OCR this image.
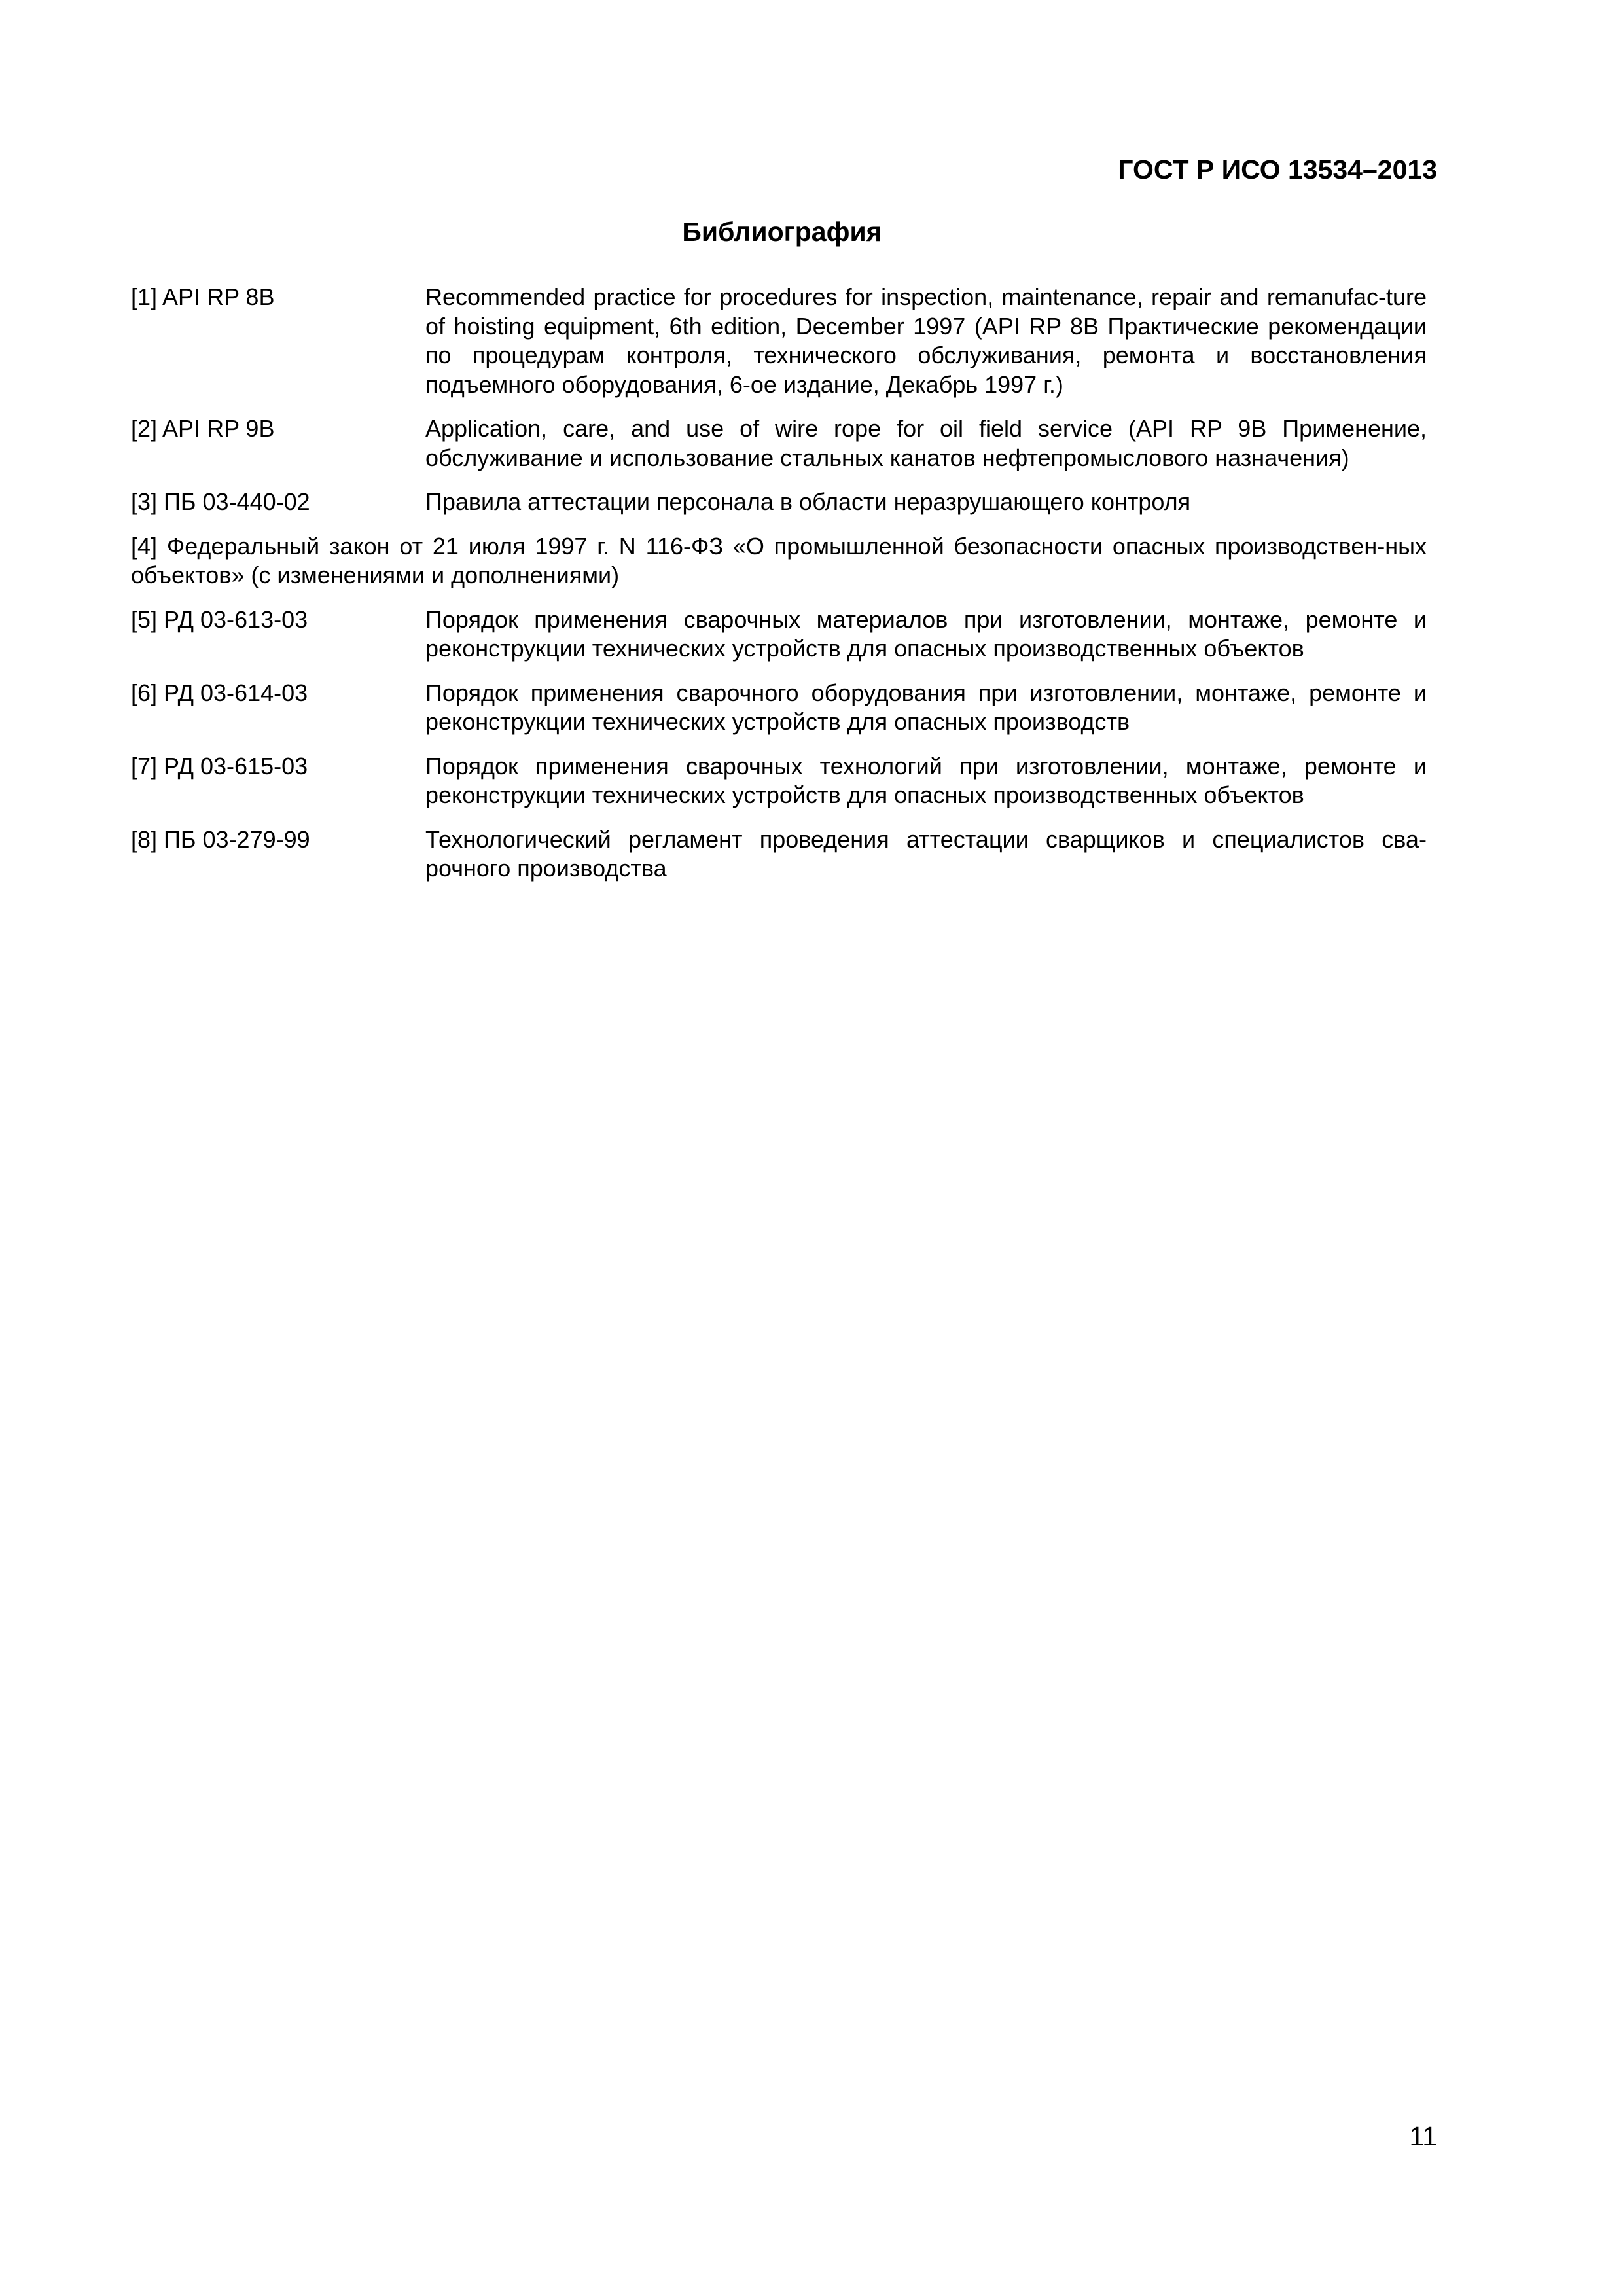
ГОСТ Р ИСО 13534–2013
Библиография
[1] API RP 8B	Recommended practice for procedures for inspection, maintenance, repair and remanufac-ture of hoisting equipment, 6th edition, December 1997 (API RP 8B Практические рекомендации по процедурам контроля, технического обслуживания, ремонта и восстановления подъемного оборудования, 6-ое издание, Декабрь 1997 г.)
[2] API RP 9B	Application, care, and use of wire rope for oil field service (API RP 9B Применение, обслуживание и использование стальных канатов нефтепромыслового назначения)
[3] ПБ 03-440-02	Правила аттестации персонала в области неразрушающего контроля
[4] Федеральный закон от 21 июля 1997 г. N 116-ФЗ «О промышленной безопасности опасных производствен-ных объектов» (с изменениями и дополнениями)
[5] РД 03-613-03	Порядок применения сварочных материалов при изготовлении, монтаже, ремонте и реконструкции технических устройств для опасных производственных объектов
[6] РД 03-614-03	Порядок применения сварочного оборудования при изготовлении, монтаже, ремонте и реконструкции технических устройств для опасных производств
[7] РД 03-615-03	Порядок применения сварочных технологий при изготовлении, монтаже, ремонте и реконструкции технических устройств для опасных производственных объектов
[8] ПБ 03-279-99	Технологический регламент проведения аттестации сварщиков и специалистов сва-рочного производства
11
